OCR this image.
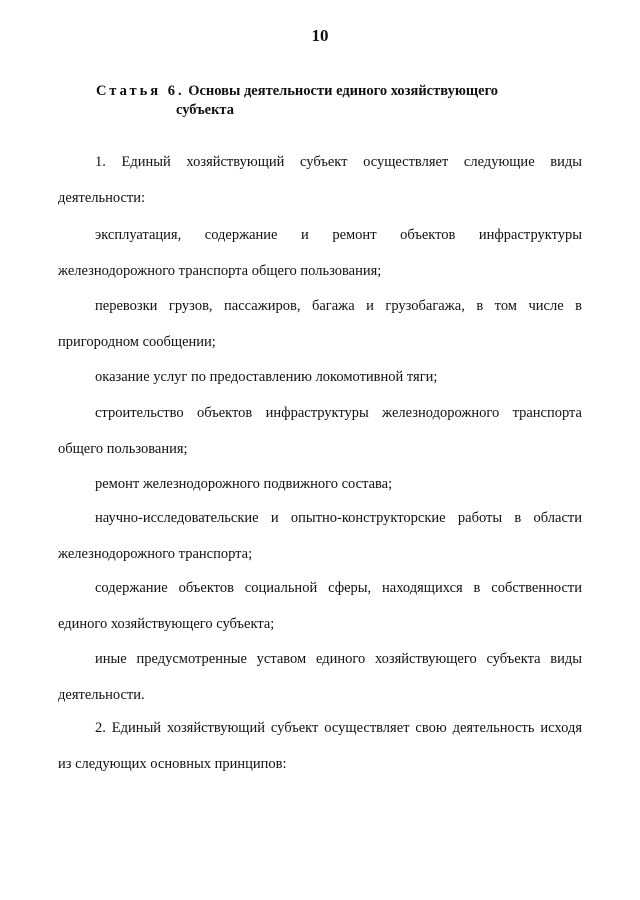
10
Статья 6. Основы деятельности единого хозяйствующего
субъекта

1. Единый хозяйствующий субъект осуществляет следующие виды деятельности:

эксплуатация, содержание и ремонт объектов инфраструктуры железнодорожного транспорта общего пользования;

перевозки грузов, пассажиров, багажа и грузобагажа, в том числе в пригородном сообщении;

оказание услуг по предоставлению локомотивной тяги;

строительство объектов инфраструктуры железнодорожного транспорта общего пользования;

ремонт железнодорожного подвижного состава;

научно-исследовательские и опытно-конструкторские работы в области железнодорожного транспорта;

содержание объектов социальной сферы, находящихся в собственности единого хозяйствующего субъекта;

иные предусмотренные уставом единого хозяйствующего субъекта виды деятельности.

2. Единый хозяйствующий субъект осуществляет свою деятельность исходя из следующих основных принципов:
